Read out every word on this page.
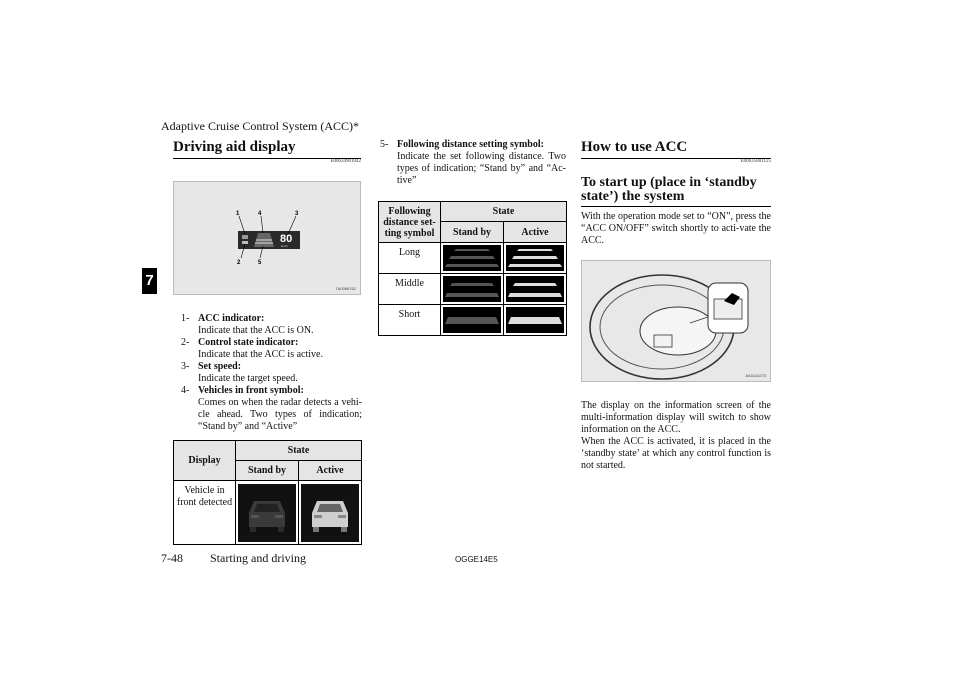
Adaptive Cruise Control System (ACC)*
7
Driving aid display
E00634901042
80
km/h
1	4	3
2	5
TA0066762
1- ACC indicator:
Indicate that the ACC is ON.
2- Control state indicator:
Indicate that the ACC is active.
3- Set speed:
Indicate the target speed.
4- Vehicles in front symbol:
Comes on when the radar detects a vehi-cle ahead. Two types of indication; “Stand by” and “Active”
Display	State	
	Stand by	Active
Vehicle in front detected	

5- Following distance setting symbol:
Indicate the set following distance. Two types of indication; “Stand by” and “Ac-tive”
Following distance set-ting symbol	State	
	Stand by	Active
Long	

Middle	

Short	

How to use ACC
E00635001125
To start up (place in ‘standby state’) the system
With the operation mode set to “ON”, press the “ACC ON/OFF” switch shortly to acti-vate the ACC.
AA0114273
The display on the information screen of the multi-information display will switch to show information on the ACC.
When the ACC is activated, it is placed in the ‘standby state’ at which any control function is not started.
7-48 Starting and driving	OGGE14E5
